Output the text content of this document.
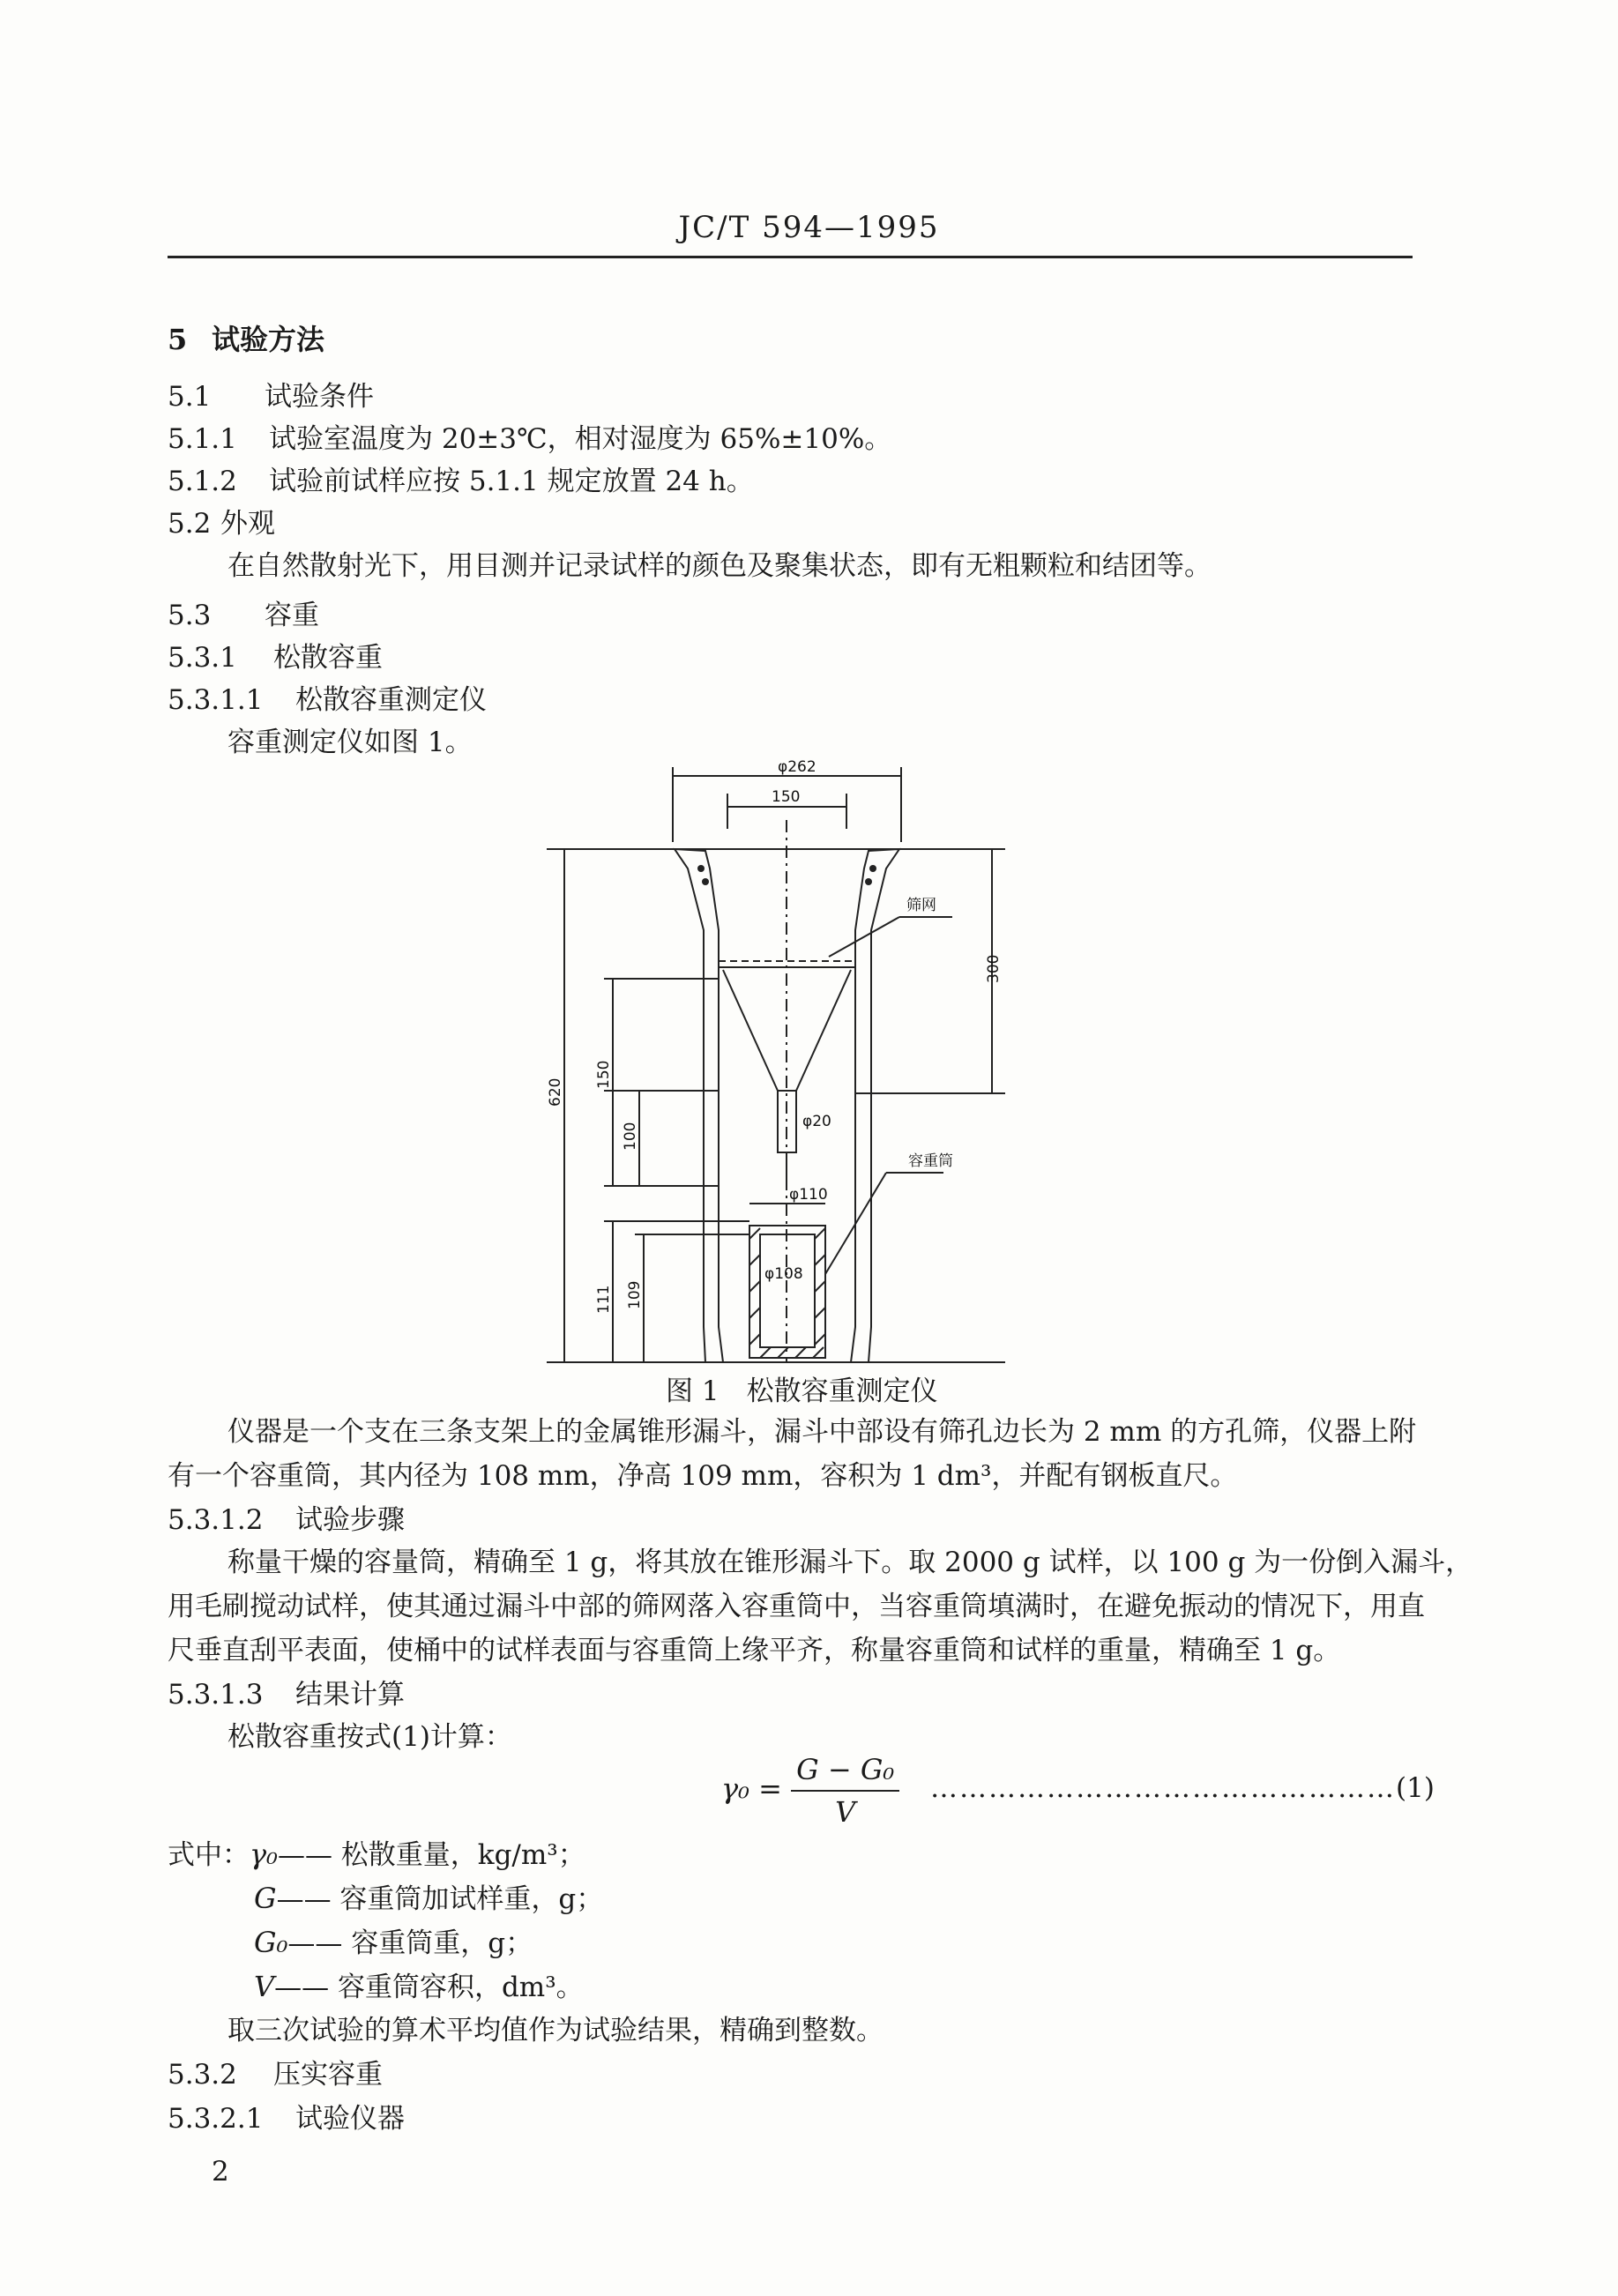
JC/T 594—1995
5 试验方法
5.1 试验条件
5.1.1 试验室温度为 20±3℃，相对湿度为 65%±10%。
5.1.2 试验前试样应按 5.1.1 规定放置 24 h。
5.2 外观
在自然散射光下，用目测并记录试样的颜色及聚集状态，即有无粗颗粒和结团等。
5.3 容重
5.3.1 松散容重
5.3.1.1 松散容重测定仪
容重测定仪如图 1。
φ262
150
筛网
300
620
150
100
φ20
容重筒
φ110
φ108
111 109
图 1　松散容重测定仪
仪器是一个支在三条支架上的金属锥形漏斗，漏斗中部设有筛孔边长为 2 mm 的方孔筛，仪器上附
有一个容重筒，其内径为 108 mm，净高 109 mm，容积为 1 dm³，并配有钢板直尺。
5.3.1.2 试验步骤
称量干燥的容量筒，精确至 1 g，将其放在锥形漏斗下。取 2000 g 试样，以 100 g 为一份倒入漏斗，
用毛刷搅动试样，使其通过漏斗中部的筛网落入容重筒中，当容重筒填满时，在避免振动的情况下，用直
尺垂直刮平表面，使桶中的试样表面与容重筒上缘平齐，称量容重筒和试样的重量，精确至 1 g。
5.3.1.3 结果计算
松散容重按式(1)计算：
$\gamma_0 = \frac{\text{G − G₀}}{V}$ …………………………………………(1)
式中：γ₀—— 松散重量，kg/m³；
G—— 容重筒加试样重，g；
G₀—— 容重筒重，g；
V—— 容重筒容积，dm³。
取三次试验的算术平均值作为试验结果，精确到整数。
5.3.2 压实容重
5.3.2.1 试验仪器
2
